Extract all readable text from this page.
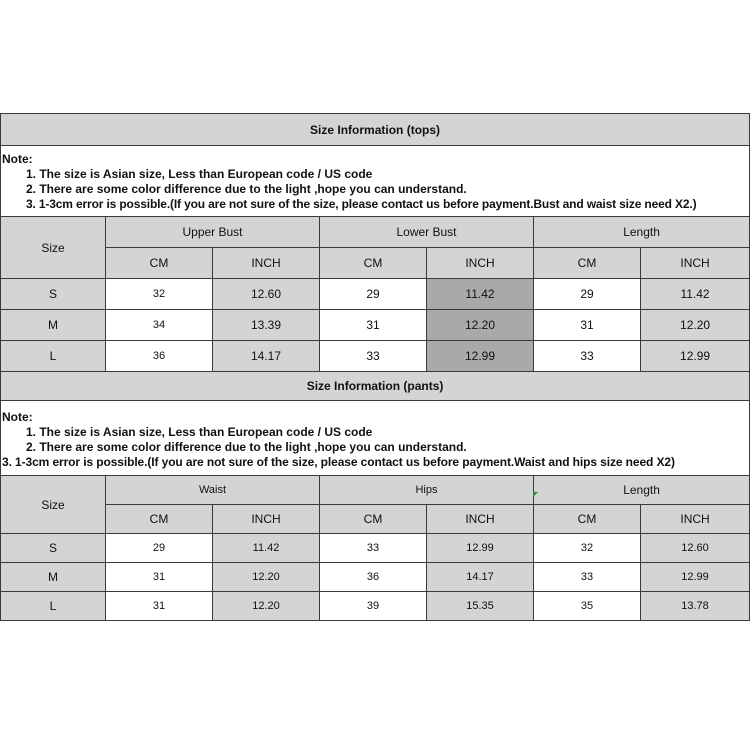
Size Information (tops)						

Note:
1. The size is Asian size, Less than European code / US code
2. There are some color difference due to the light ,hope you can understand.
3. 1-3cm error is possible.(If you are not sure of the size, please contact us before payment.Bust and waist size need X2.)						

Size	Upper Bust		Lower Bust		Length	
	CM	INCH	CM	INCH	CM	INCH
S	32	12.60	29	11.42	29	11.42
M	34	13.39	31	12.20	31	12.20
L	36	14.17	33	12.99	33	12.99
Size Information (pants)						

Note:
1. The size is Asian size, Less than European code / US code
2. There are some color difference due to the light ,hope you can understand.
3. 1-3cm error is possible.(If you are not sure of the size, please contact us before payment.Waist and hips size need X2)						

Size	Waist		Hips		Length	
	CM	INCH	CM	INCH	CM	INCH
S	29	11.42	33	12.99	32	12.60
M	31	12.20	36	14.17	33	12.99
L	31	12.20	39	15.35	35	13.78
